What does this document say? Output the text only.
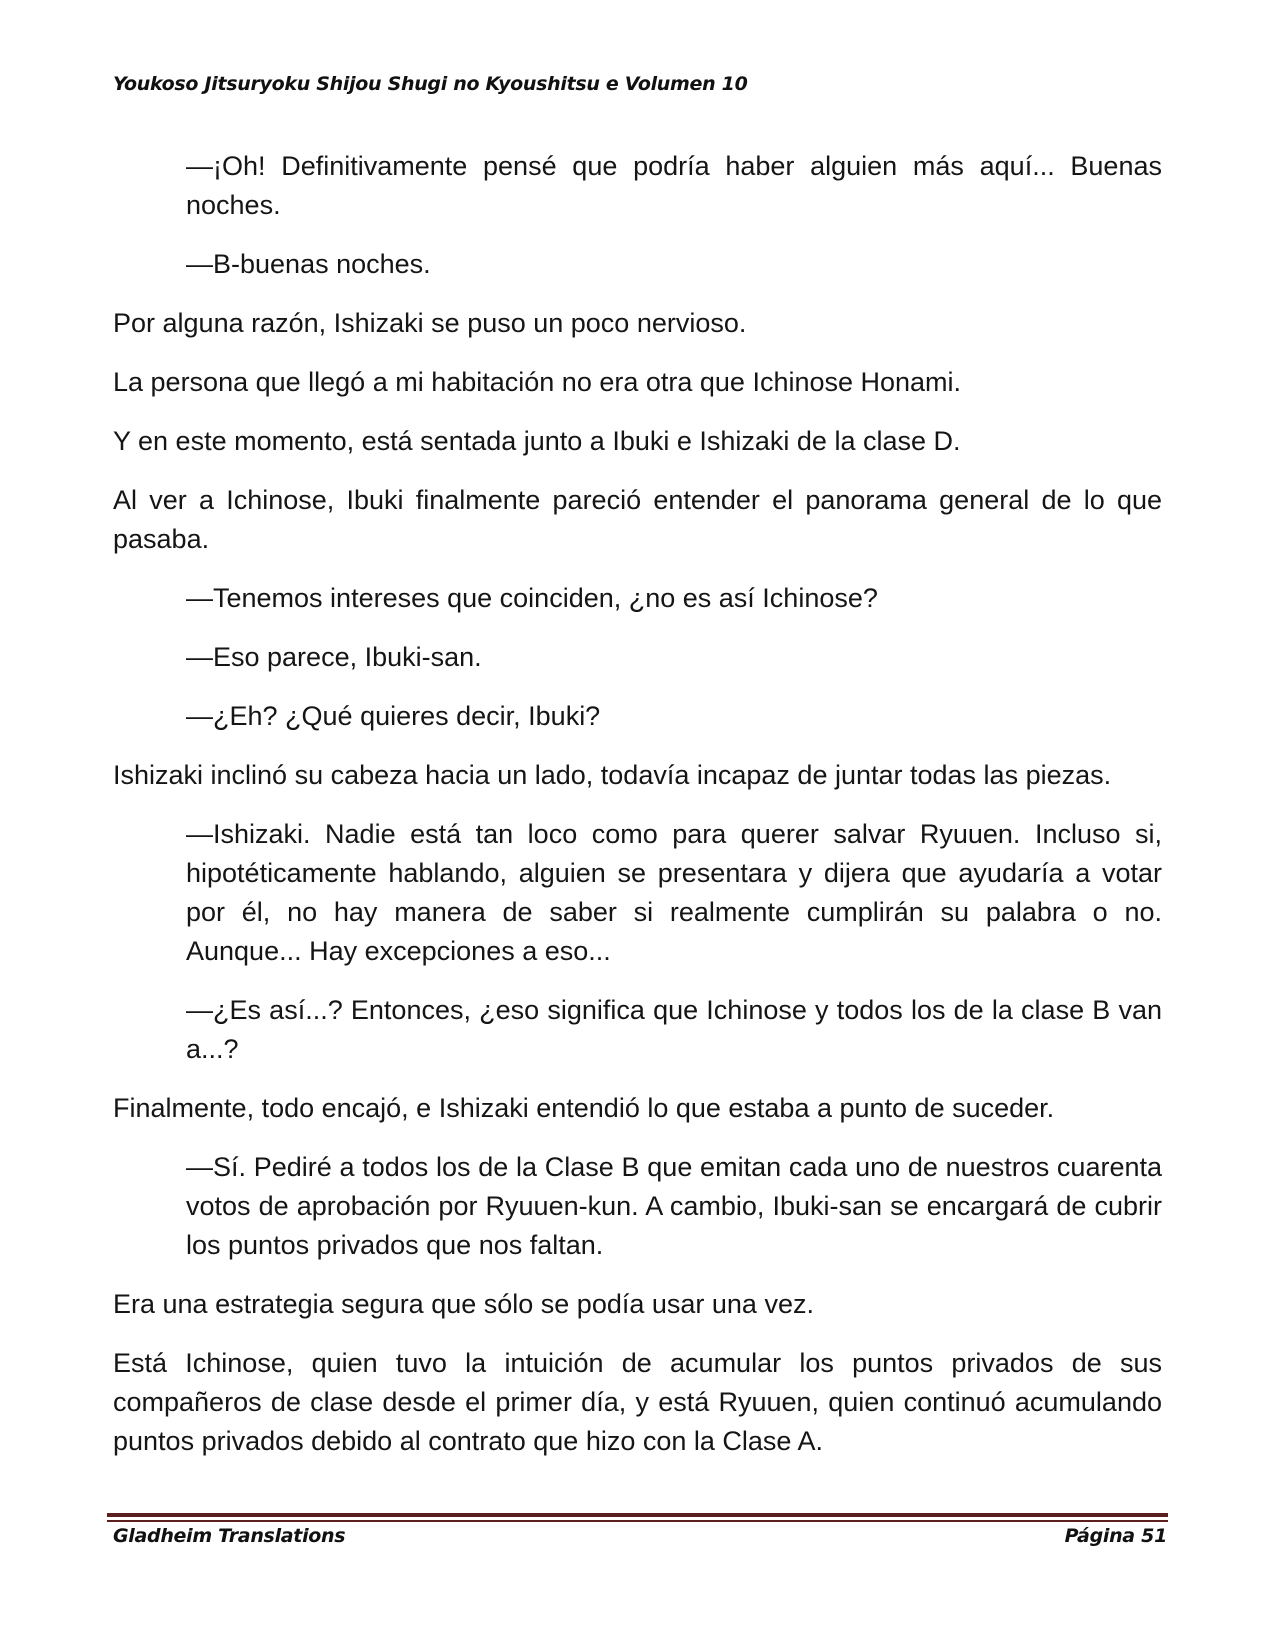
Youkoso Jitsuryoku Shijou Shugi no Kyoushitsu e Volumen 10

—¡Oh! Definitivamente pensé que podría haber alguien más aquí... Buenas noches.

—B-buenas noches.

Por alguna razón, Ishizaki se puso un poco nervioso.

La persona que llegó a mi habitación no era otra que Ichinose Honami.

Y en este momento, está sentada junto a Ibuki e Ishizaki de la clase D.

Al ver a Ichinose, Ibuki finalmente pareció entender el panorama general de lo que pasaba.

—Tenemos intereses que coinciden, ¿no es así Ichinose?

—Eso parece, Ibuki-san.

—¿Eh? ¿Qué quieres decir, Ibuki?

Ishizaki inclinó su cabeza hacia un lado, todavía incapaz de juntar todas las piezas.

—Ishizaki. Nadie está tan loco como para querer salvar Ryuuen. Incluso si, hipotéticamente hablando, alguien se presentara y dijera que ayudaría a votar por él, no hay manera de saber si realmente cumplirán su palabra o no. Aunque... Hay excepciones a eso...

—¿Es así...? Entonces, ¿eso significa que Ichinose y todos los de la clase B van a...?

Finalmente, todo encajó, e Ishizaki entendió lo que estaba a punto de suceder.

—Sí. Pediré a todos los de la Clase B que emitan cada uno de nuestros cuarenta votos de aprobación por Ryuuen-kun. A cambio, Ibuki-san se encargará de cubrir los puntos privados que nos faltan.

Era una estrategia segura que sólo se podía usar una vez.

Está Ichinose, quien tuvo la intuición de acumular los puntos privados de sus compañeros de clase desde el primer día, y está Ryuuen, quien continuó acumulando puntos privados debido al contrato que hizo con la Clase A.

Gladheim Translations	Página 51
